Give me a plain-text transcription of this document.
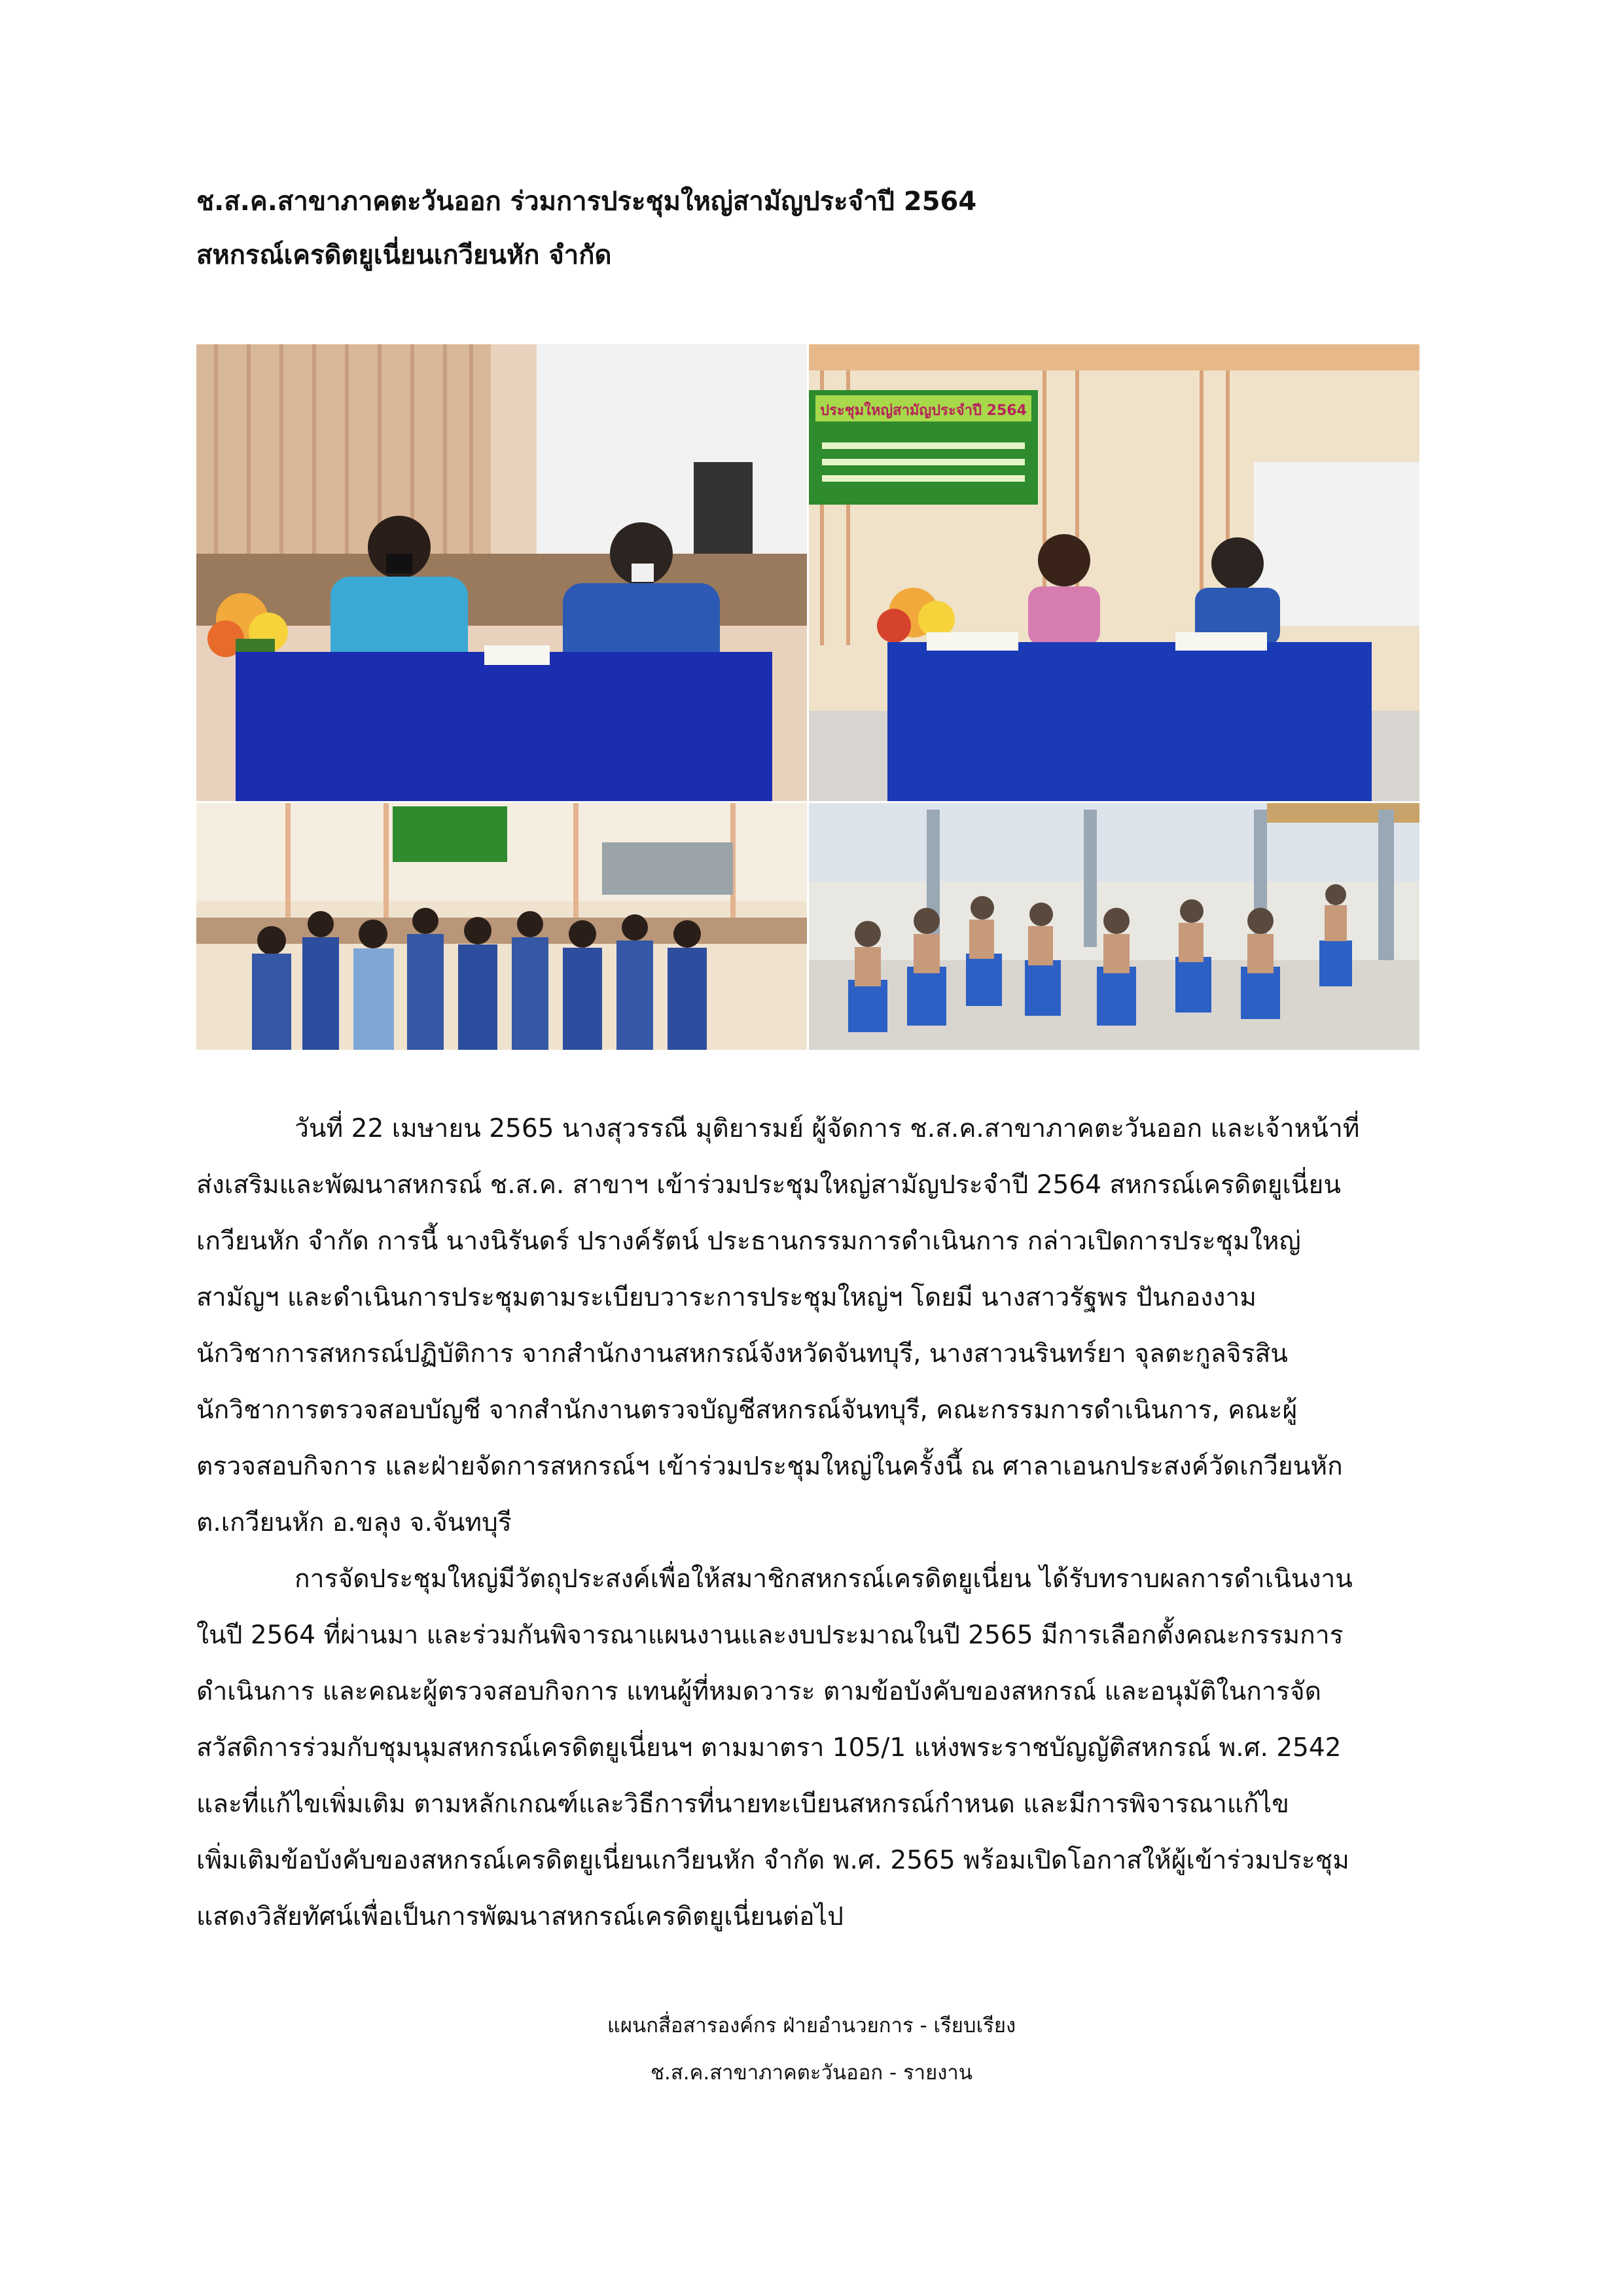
ช.ส.ค.สาขาภาคตะวันออก ร่วมการประชุมใหญ่สามัญประจำปี 2564
สหกรณ์เครดิตยูเนี่ยนเกวียนหัก จำกัด
ประชุมใหญ่สามัญประจำปี 2564
วันที่ 22 เมษายน 2565 นางสุวรรณี มุติยารมย์ ผู้จัดการ ช.ส.ค.สาขาภาคตะวันออก และเจ้าหน้าที่
ส่งเสริมและพัฒนาสหกรณ์ ช.ส.ค. สาขาฯ เข้าร่วมประชุมใหญ่สามัญประจำปี 2564 สหกรณ์เครดิตยูเนี่ยน
เกวียนหัก จำกัด การนี้ นางนิรันดร์ ปรางค์รัตน์ ประธานกรรมการดำเนินการ กล่าวเปิดการประชุมใหญ่
สามัญฯ และดำเนินการประชุมตามระเบียบวาระการประชุมใหญ่ฯ โดยมี นางสาวรัฐพร ปันกองงาม
นักวิชาการสหกรณ์ปฏิบัติการ จากสำนักงานสหกรณ์จังหวัดจันทบุรี, นางสาวนรินทร์ยา จุลตะกูลจิรสิน
นักวิชาการตรวจสอบบัญชี จากสำนักงานตรวจบัญชีสหกรณ์จันทบุรี, คณะกรรมการดำเนินการ, คณะผู้
ตรวจสอบกิจการ และฝ่ายจัดการสหกรณ์ฯ เข้าร่วมประชุมใหญ่ในครั้งนี้ ณ ศาลาเอนกประสงค์วัดเกวียนหัก
ต.เกวียนหัก อ.ขลุง จ.จันทบุรี
การจัดประชุมใหญ่มีวัตถุประสงค์เพื่อให้สมาชิกสหกรณ์เครดิตยูเนี่ยน ได้รับทราบผลการดำเนินงาน
ในปี 2564 ที่ผ่านมา และร่วมกันพิจารณาแผนงานและงบประมาณในปี 2565 มีการเลือกตั้งคณะกรรมการ
ดำเนินการ และคณะผู้ตรวจสอบกิจการ แทนผู้ที่หมดวาระ ตามข้อบังคับของสหกรณ์ และอนุมัติในการจัด
สวัสดิการร่วมกับชุมนุมสหกรณ์เครดิตยูเนี่ยนฯ ตามมาตรา 105/1 แห่งพระราชบัญญัติสหกรณ์ พ.ศ. 2542
และที่แก้ไขเพิ่มเติม ตามหลักเกณฑ์และวิธีการที่นายทะเบียนสหกรณ์กำหนด และมีการพิจารณาแก้ไข
เพิ่มเติมข้อบังคับของสหกรณ์เครดิตยูเนี่ยนเกวียนหัก จำกัด พ.ศ. 2565 พร้อมเปิดโอกาสให้ผู้เข้าร่วมประชุม
แสดงวิสัยทัศน์เพื่อเป็นการพัฒนาสหกรณ์เครดิตยูเนี่ยนต่อไป
แผนกสื่อสารองค์กร ฝ่ายอำนวยการ - เรียบเรียง
ช.ส.ค.สาขาภาคตะวันออก - รายงาน
